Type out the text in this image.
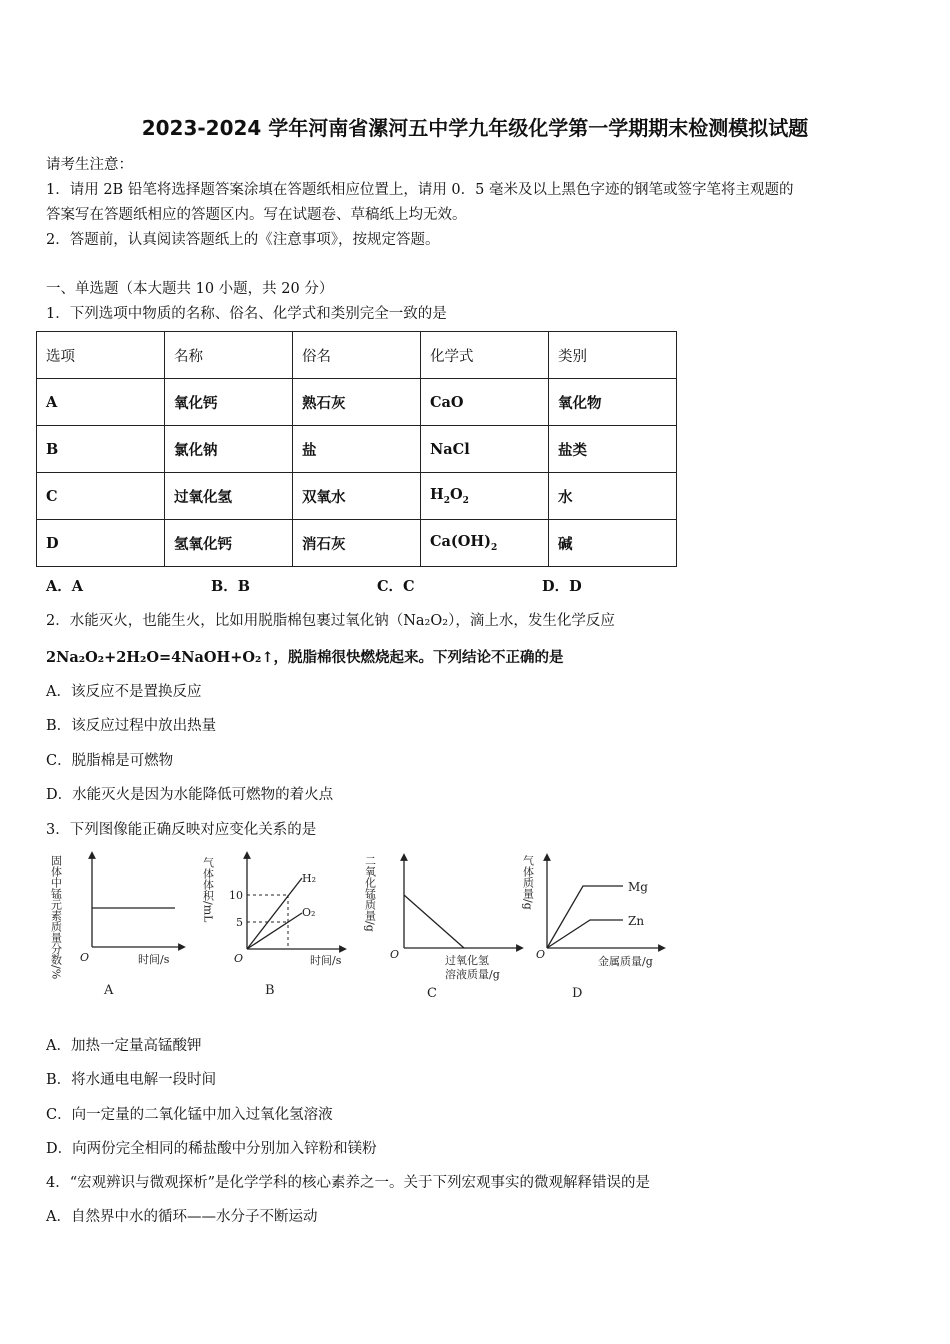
2023-2024 学年河南省漯河五中学九年级化学第一学期期末检测模拟试题
请考生注意：
1．请用 2B 铅笔将选择题答案涂填在答题纸相应位置上，请用 0．5 毫米及以上黑色字迹的钢笔或签字笔将主观题的
答案写在答题纸相应的答题区内。写在试题卷、草稿纸上均无效。
2．答题前，认真阅读答题纸上的《注意事项》，按规定答题。
一、单选题（本大题共 10 小题，共 20 分）
1．下列选项中物质的名称、俗名、化学式和类别完全一致的是
选项	名称	俗名	化学式	类别
A	氧化钙	熟石灰	CaO	氧化物
B	氯化钠	盐	NaCl	盐类
C	过氧化氢	双氧水	$H_2O_2$	水
D	氢氧化钙	消石灰	$Ca(OH)_2$	碱
A．A	B．B	C．C	D．D
2．水能灭火，也能生火，比如用脱脂棉包裹过氧化钠（Na₂O₂），滴上水，发生化学反应
2Na₂O₂+2H₂O=4NaOH+O₂↑，脱脂棉很快燃烧起来。下列结论不正确的是
A．该反应不是置换反应
B．该反应过程中放出热量
C．脱脂棉是可燃物
D．水能灭火是因为水能降低可燃物的着火点
3．下列图像能正确反映对应变化关系的是
固体中锰元素质量分数/% O	时间/s
A
气体体积/mL 10
5
H₂
O₂
O	时间/s
B
二氧化锰质量/g
O	过氧化氢
溶液质量/g
C
气体质量/g	Mg
Zn
O
金属质量/g
D
A．加热一定量高锰酸钾
B．将水通电电解一段时间
C．向一定量的二氧化锰中加入过氧化氢溶液
D．向两份完全相同的稀盐酸中分别加入锌粉和镁粉
4．“宏观辨识与微观探析”是化学学科的核心素养之一。关于下列宏观事实的微观解释错误的是
A．自然界中水的循环——水分子不断运动
